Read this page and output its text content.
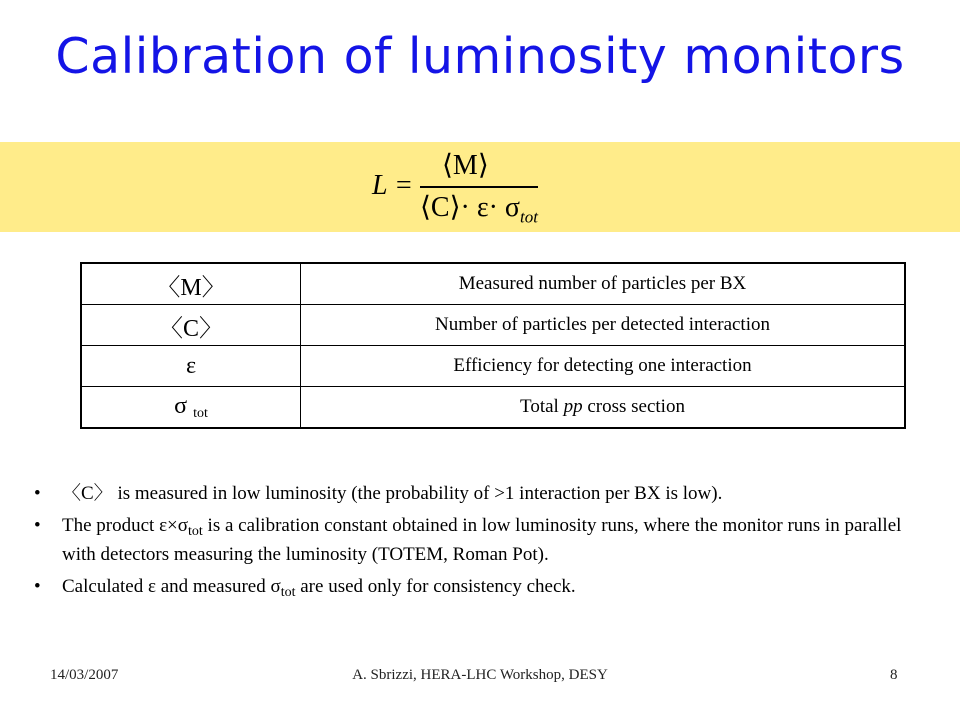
Calibration of luminosity monitors
L =
⟨M⟩
⟨C⟩· $\varepsilon\cdot \sigma_{tot}$
〈M〉	Measured number of particles per BX
〈C〉	Number of particles per detected interaction
ε	Efficiency for detecting one interaction
σ $_{tot}$	Total pp cross section
• 〈C〉 is measured in low luminosity (the probability of >1 interaction per BX is low).
• The product $\varepsilon\times\sigma_{tot}$ is a calibration constant obtained in low luminosity runs, where the monitor runs in parallel with detectors measuring the luminosity (TOTEM, Roman Pot).
• Calculated ε and measured $\sigma_{tot}$ are used only for consistency check.
14/03/2007	A. Sbrizzi, HERA-LHC Workshop, DESY	8
